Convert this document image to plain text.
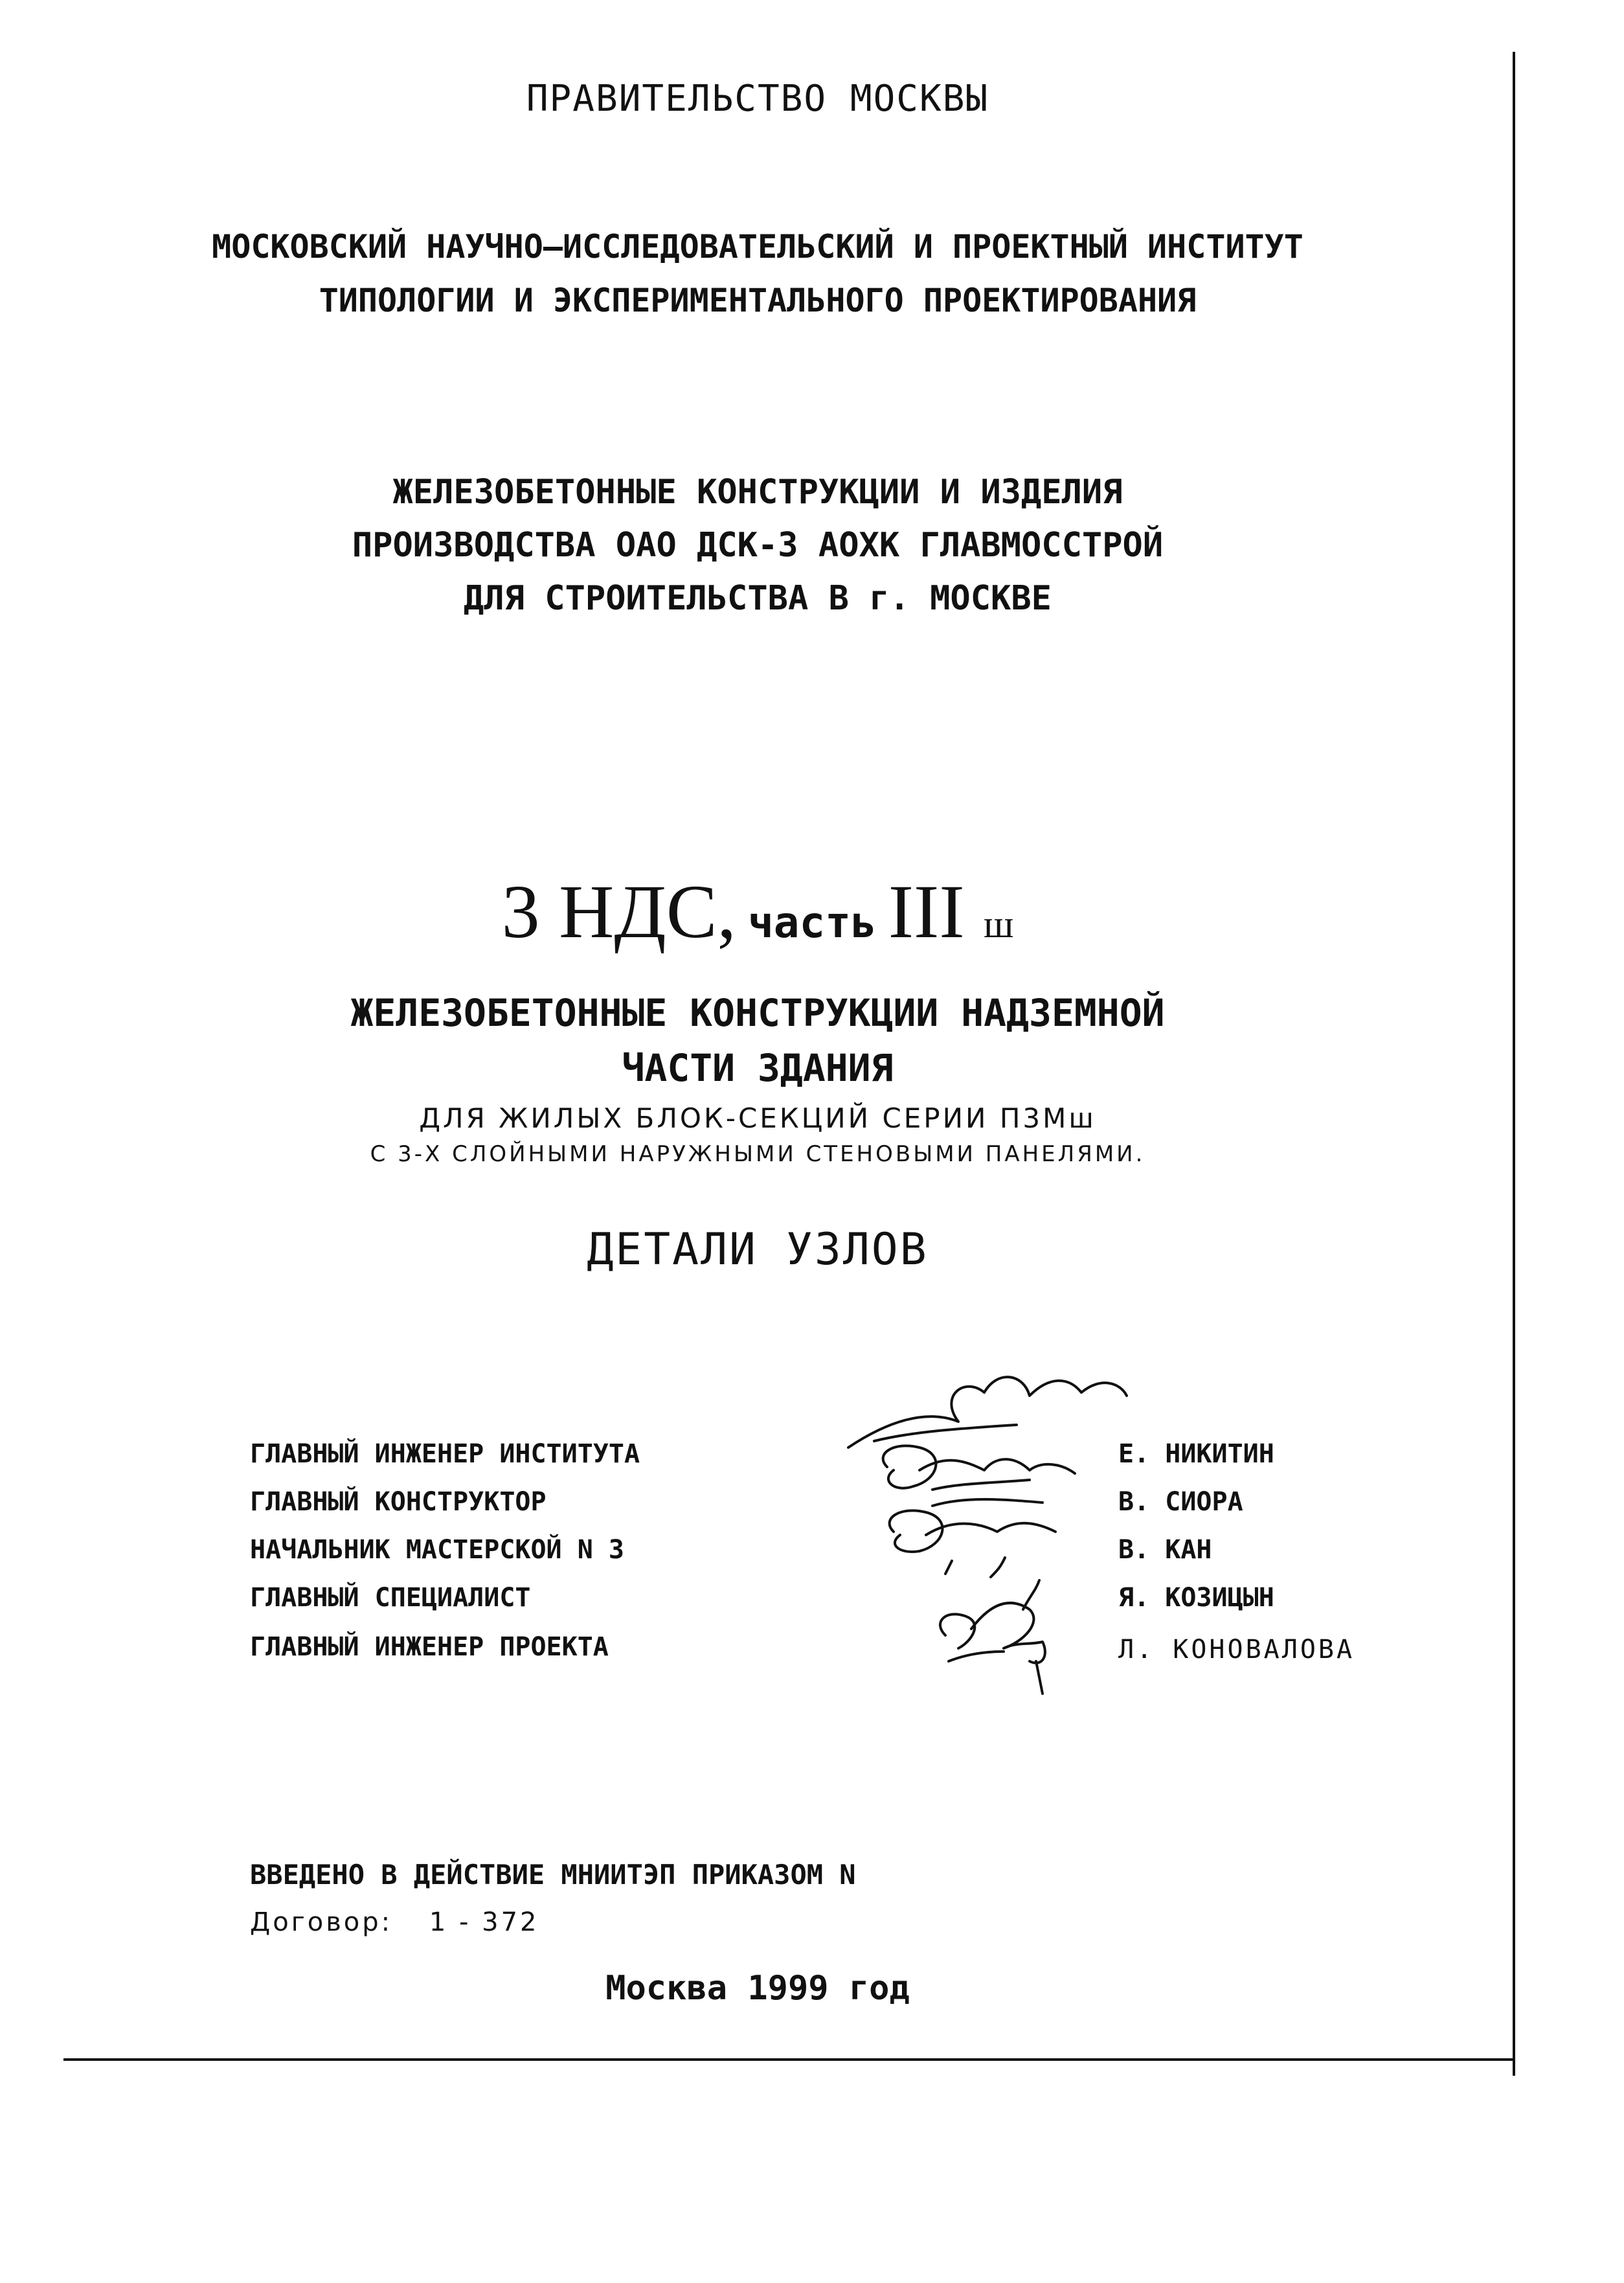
ПРАВИТЕЛЬСТВО МОСКВЫ
МОСКОВСКИЙ НАУЧНО–ИССЛЕДОВАТЕЛЬСКИЙ И ПРОЕКТНЫЙ ИНСТИТУТ
ТИПОЛОГИИ И ЭКСПЕРИМЕНТАЛЬНОГО ПРОЕКТИРОВАНИЯ
ЖЕЛЕЗОБЕТОННЫЕ КОНСТРУКЦИИ И ИЗДЕЛИЯ
ПРОИЗВОДСТВА ОАО ДСК-3 АОХК ГЛАВМОССТРОЙ
ДЛЯ СТРОИТЕЛЬСТВА В г. МОСКВЕ
3 НДС, часть III ш
ЖЕЛЕЗОБЕТОННЫЕ КОНСТРУКЦИИ НАДЗЕМНОЙ
ЧАСТИ ЗДАНИЯ
ДЛЯ ЖИЛЫХ БЛОК-СЕКЦИЙ СЕРИИ П3Мш
С 3-Х СЛОЙНЫМИ НАРУЖНЫМИ СТЕНОВЫМИ ПАНЕЛЯМИ.
ДЕТАЛИ УЗЛОВ
ГЛАВНЫЙ ИНЖЕНЕР ИНСТИТУТА
ГЛАВНЫЙ КОНСТРУКТОР
НАЧАЛЬНИК МАСТЕРСКОЙ N 3
ГЛАВНЫЙ СПЕЦИАЛИСТ
ГЛАВНЫЙ ИНЖЕНЕР ПРОЕКТА
Е. НИКИТИН
В. СИОРА
В. КАН
Я. КОЗИЦЫН
Л. КОНОВАЛОВА
ВВЕДЕНО В ДЕЙСТВИЕ МНИИТЭП ПРИКАЗОМ N
Договор: 1 - 372
Москва 1999 год
